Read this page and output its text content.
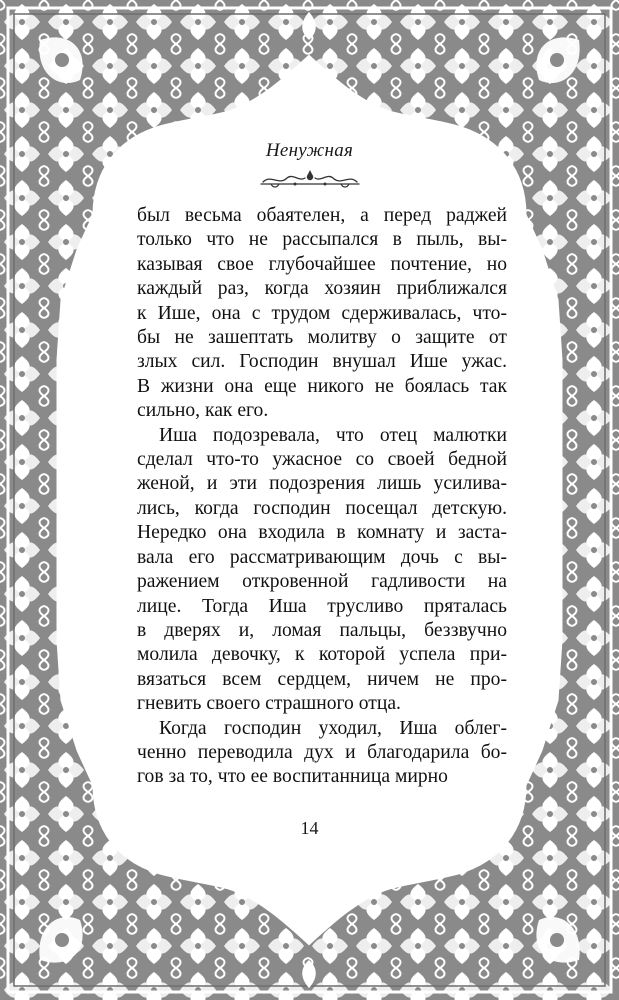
Ненужная

был весьма обаятелен, а перед раджей
только что не рассыпался в пыль, вы-
казывая свое глубочайшее почтение, но
каждый раз, когда хозяин приближался
к Ише, она с трудом сдерживалась, что-
бы не зашептать молитву о защите от
злых сил. Господин внушал Ише ужас.
В жизни она еще никого не боялась так
сильно, как его.

Иша подозревала, что отец малютки
сделал что-то ужасное со своей бедной
женой, и эти подозрения лишь усилива-
лись, когда господин посещал детскую.
Нередко она входила в комнату и заста-
вала его рассматривающим дочь с вы-
ражением откровенной гадливости на
лице. Тогда Иша трусливо пряталась
в дверях и, ломая пальцы, беззвучно
молила девочку, к которой успела при-
вязаться всем сердцем, ничем не про-
гневить своего страшного отца.

Когда господин уходил, Иша облег-
ченно переводила дух и благодарила бо-
гов за то, что ее воспитанница мирно

14
